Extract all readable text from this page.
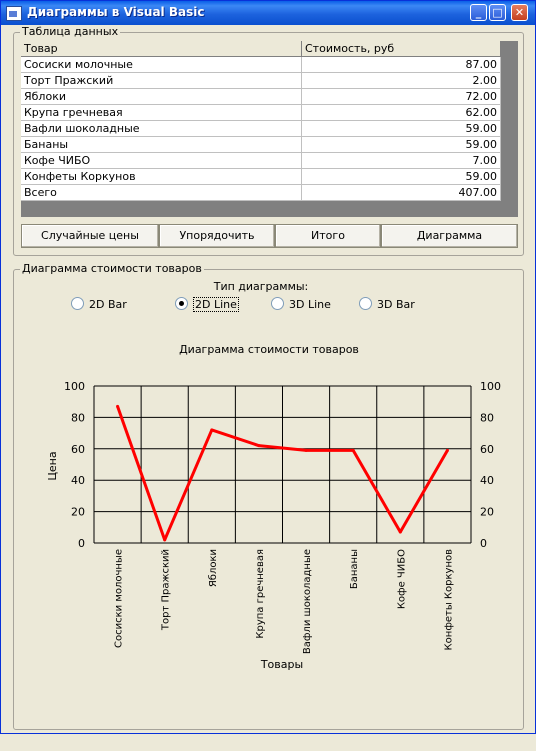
Диаграммы в Visual Basic	_	□	✕
Таблица данных
Товар	Стоимость, руб
Сосиски молочные	87.00
Торт Пражский	2.00
Яблоки	72.00
Крупа гречневая	62.00
Вафли шоколадные	59.00
Бананы	59.00
Кофе ЧИБО	7.00
Конфеты Коркунов	59.00
Всего	407.00
Случайные цены	Упорядочить	Итого	Диаграмма
Диаграмма стоимости товаров
Тип диаграммы:
2D Bar	2D Line	3D Line	3D Bar
Диаграмма стоимости товаров
0	0
20	20
40	40
60	60
80	80
100	100
Сосиски молочные	Торт Пражский	Яблоки	Крупа гречневая	Вафли шоколадные	Бананы	Кофе ЧИБО	Конфеты Коркунов
Цена
Товары
